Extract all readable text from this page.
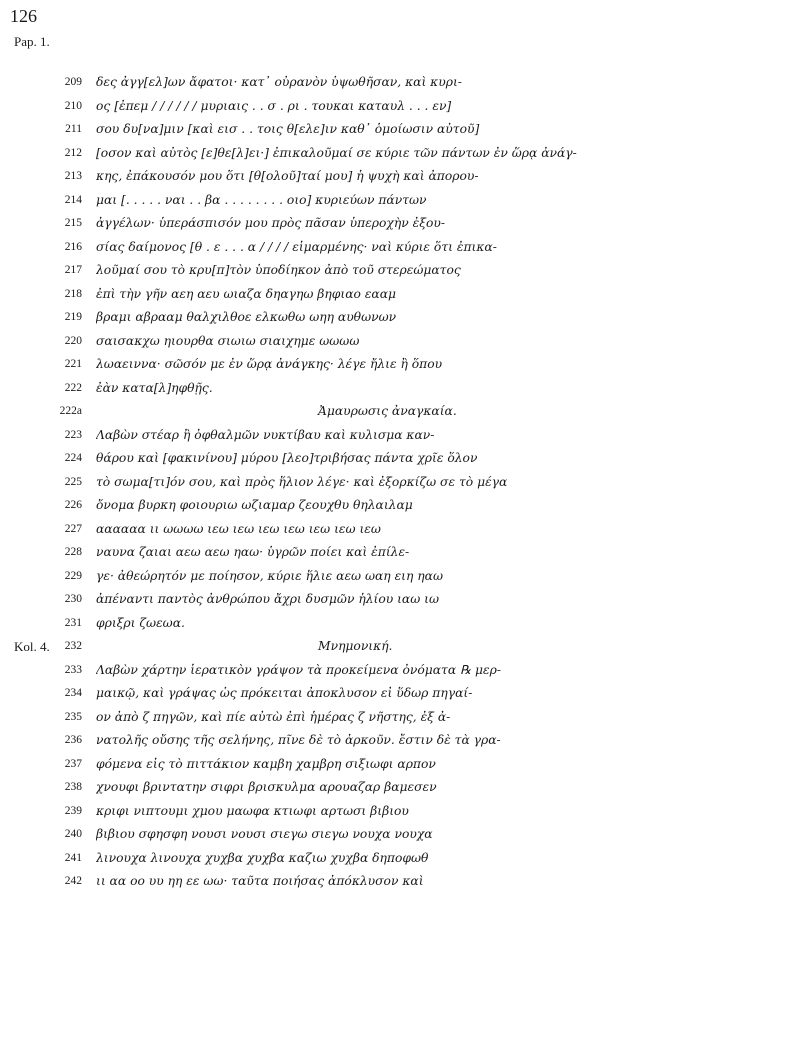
126
Pap. 1.
Kol. 4.
209 δες ἀγγ[ελ]ων ἄφατοι· κατ᾽ οὐρανὸν ὑψωθῆσαν, καὶ κυρι-
210 ος [ἐπεμ / / / / / / μυριαις . . σ . ρι . τουκαι καταυλ . . . εν]
211 σου δυ[να]μιν [καὶ εισ . . τοις θ[ελε]ιν καθ᾽ ὁμοίωσιν αὐτοῦ]
212 [οσον καὶ αὐτὸς [ε]θε[λ]ει·] ἐπικαλοῦμαί σε κύριε τῶν πάντων ἐν ὥρᾳ ἀνάγ-
213 κης, ἐπάκουσόν μου ὅτι [θ[ολοῦ]ταί μου] ἡ ψυχὴ καὶ ἀπορου-
214 μαι [. . . . . ναι . . βα . . . . . . . . οιο] κυριεύων πάντων
215 ἀγγέλων· ὑπεράσπισόν μου πρὸς πᾶσαν ὑπεροχὴν ἐξου-
216 σίας δαίμονος [θ . ε . . . α / / / / εἱμαρμένης· ναὶ κύριε ὅτι ἐπικα-
217 λοῦμαί σου τὸ κρυ[π]τὸν ὑποδίηκον ἀπὸ τοῦ στερεώματος
218 ἐπὶ τὴν γῆν αεη αευ ωιαζα δηαγηω βηφιαο εααμ
219 βραμι αβρααμ θαλχιλθοε ελκωθω ωηη αυθωνων
220 σαισακχω ηιουρθα σιωιω σιαιχημε ωωωω
221 λωαειννα· σῶσόν με ἐν ὥρᾳ ἀνάγκης· λέγε ἤλιε ἢ ὅπου
222 ἐὰν κατα[λ]ηφθῇς.
222a	Ἀμαυρωσις ἀναγκαία.
223 Λαβὼν στέαρ ἢ ὀφθαλμῶν νυκτίβαυ καὶ κυλισμα καν-
224 θάρου καὶ [φακινίνου] μύρου [λεο]τριβήσας πάντα χρῖε ὅλον
225 τὸ σωμα[τι]όν σου, καὶ πρὸς ἥλιον λέγε· καὶ ἐξορκίζω σε τὸ μέγα
226 ὄνομα βυρκη φοιουριω ωζιαμαρ ζεουχθυ θηλαιλαμ
227 αααααα ιι ωωωω ιεω ιεω ιεω ιεω ιεω ιεω ιεω
228 ναυνα ζαιαι αεω αεω ηαω· ὑγρῶν ποίει καὶ ἐπίλε-
229 γε· ἀθεώρητόν με ποίησον, κύριε ἥλιε αεω ωαη ειη ηαω
230 ἀπέναντι παντὸς ἀνθρώπου ἄχρι δυσμῶν ἡλίου ιαω ιω
231 φριξρι ζωεωα.
232	Μνημονική.
233 Λαβὼν χάρτην ἱερατικὸν γράψον τὰ προκείμενα ὀνόματα ℞ μερ-
234 μαικῷ, καὶ γράψας ὡς πρόκειται ἀποκλυσον εἰ ὕδωρ πηγαί-
235 ον ἀπὸ ζ πηγῶν, καὶ πίε αὐτὼ ἐπὶ ἡμέρας ζ νῆστης, ἐξ ἀ-
236 νατολῆς οὔσης τῆς σελήνης, πῖνε δὲ τὸ ἀρκοῦν. ἔστιν δὲ τὰ γρα-
237 φόμενα εἰς τὸ πιττάκιον καμβη χαμβρη σιξιωφι αρπον
238 χνουφι βριντατην σιφρι βρισκυλμα αρουαζαρ βαμεσεν
239 κριφι νιπτουμι χμου μαωφα κτιωφι αρτωσι βιβιου
240 βιβιου σφησφη νουσι νουσι σιεγω σιεγω νουχα νουχα
241 λινουχα λινουχα χυχβα χυχβα καζιω χυχβα δηποφωθ
242 ιι αα οο υυ ηη εε ωω· ταῦτα ποιήσας ἀπόκλυσον καὶ
